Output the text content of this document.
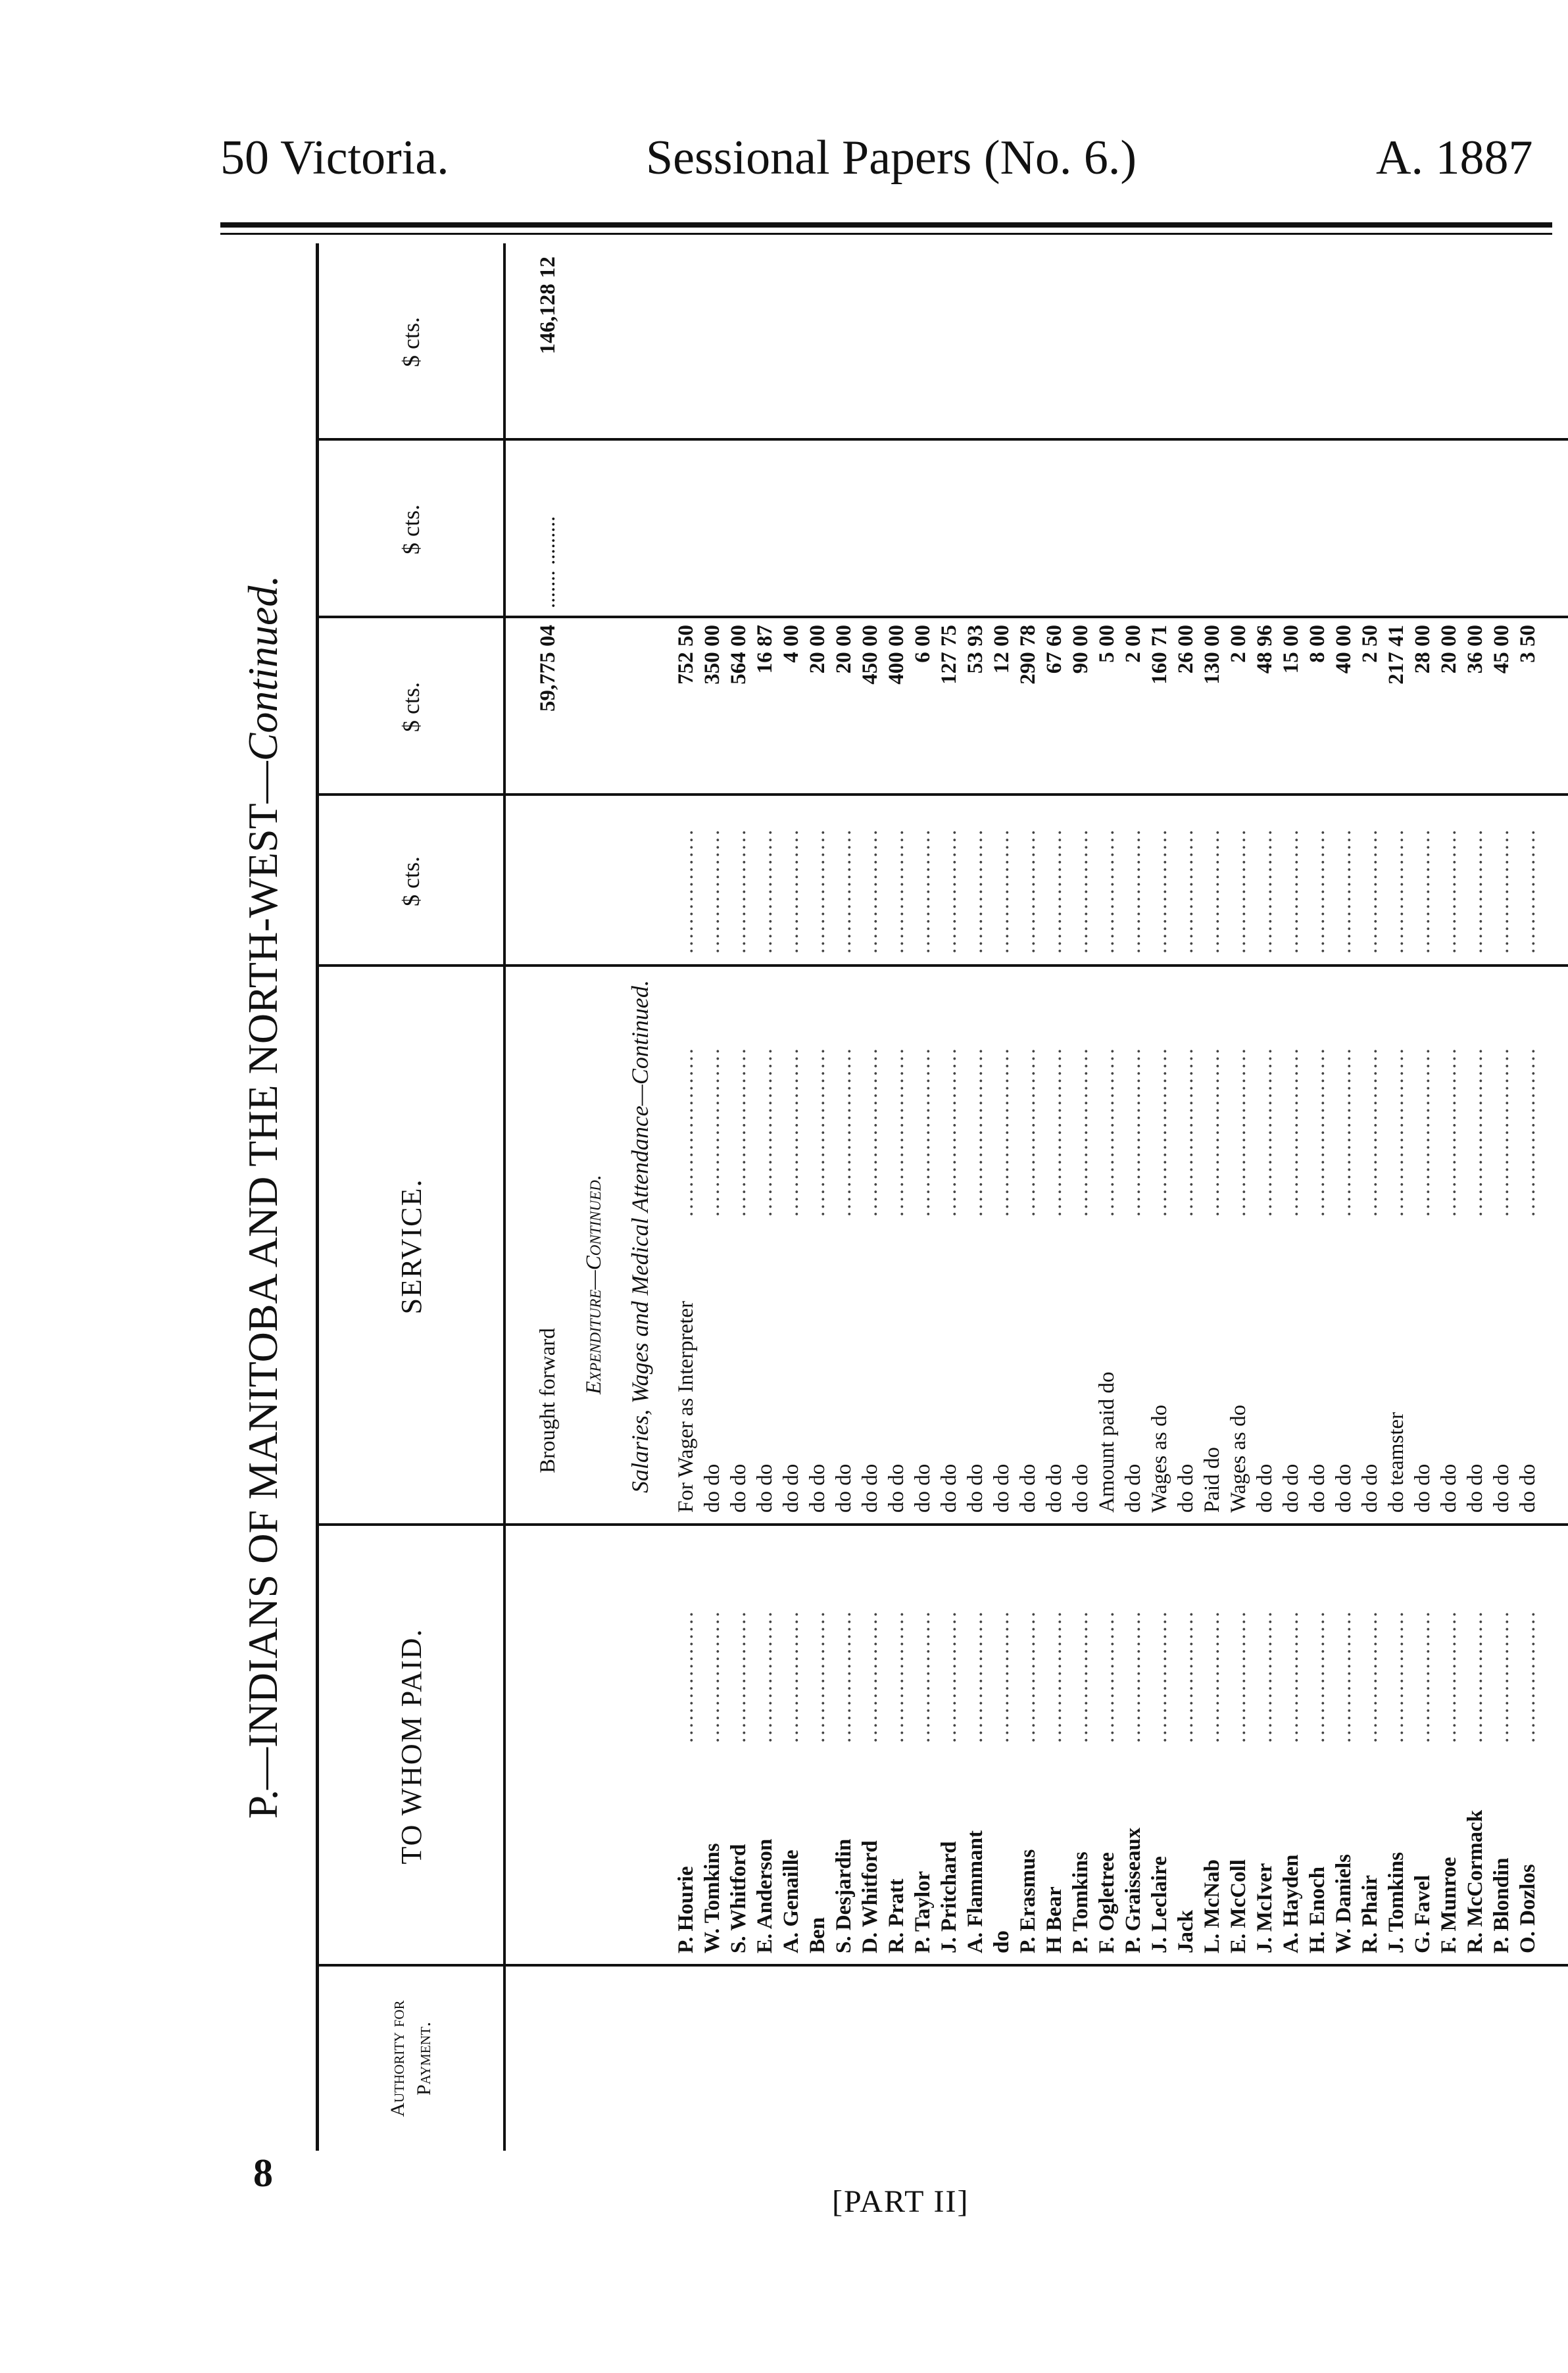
50 Victoria.	Sessional Papers (No. 6.)	A. 1887
P.—INDIANS OF MANITOBA AND THE NORTH-WEST—Continued.
Authority for Payment.
TO WHOM PAID.
SERVICE.
$ cts.
$ cts.
$ cts.
$ cts.
Brought forward
59,775 04
....... .........
146,128 12
Expenditure—Continued. Salaries, Wages and Medical Attendance—Continued.
P. Hourie
..................
For Wager as Interpreter
.......................
.................
752 50
W. Tomkins
..................
do do
.......................
.................
350 00
S. Whitford
..................
do do
.......................
.................
564 00
E. Anderson
..................
do do
.......................
.................
16 87
A. Genaille
..................
do do
.......................
.................
4 00
Ben
..................
do do
.......................
.................
20 00
S. Desjardin
..................
do do
.......................
.................
20 00
D. Whitford
..................
do do
.......................
.................
450 00
R. Pratt
..................
do do
.......................
.................
400 00
P. Taylor
..................
do do
.......................
.................
6 00
J. Pritchard
..................
do do
.......................
.................
127 75
A. Flammant
..................
do do
.......................
.................
53 93
do
..................
do do
.......................
.................
12 00
P. Erasmus
..................
do do
.......................
.................
290 78
H Bear
..................
do do
.......................
.................
67 60
P. Tomkins
..................
do do
.......................
.................
90 00
F. Ogletree
..................
Amount paid do
.......................
.................
5 00
P. Graisseaux
..................
do do
.......................
.................
2 00
J. Leclaire
..................
Wages as do
.......................
.................
160 71
Jack
..................
do do
.......................
.................
26 00
L. McNab
..................
Paid do
.......................
.................
130 00
E. McColl
..................
Wages as do
.......................
.................
2 00
J. McIver
..................
do do
.......................
.................
48 96
A. Hayden
..................
do do
.......................
.................
15 00
H. Enoch
..................
do do
.......................
.................
8 00
W. Daniels
..................
do do
.......................
.................
40 00
R. Phair
..................
do do
.......................
.................
2 50
J. Tomkins
..................
do teamster
.......................
.................
217 41
G. Favel
..................
do do
.......................
.................
28 00
F. Munroe
..................
do do
.......................
.................
20 00
R. McCormack
..................
do do
.......................
.................
36 00
P. Blondin
..................
do do
.......................
.................
45 00
O. Dozlos
..................
do do
.......................
.................
3 50
8
[PART II]
